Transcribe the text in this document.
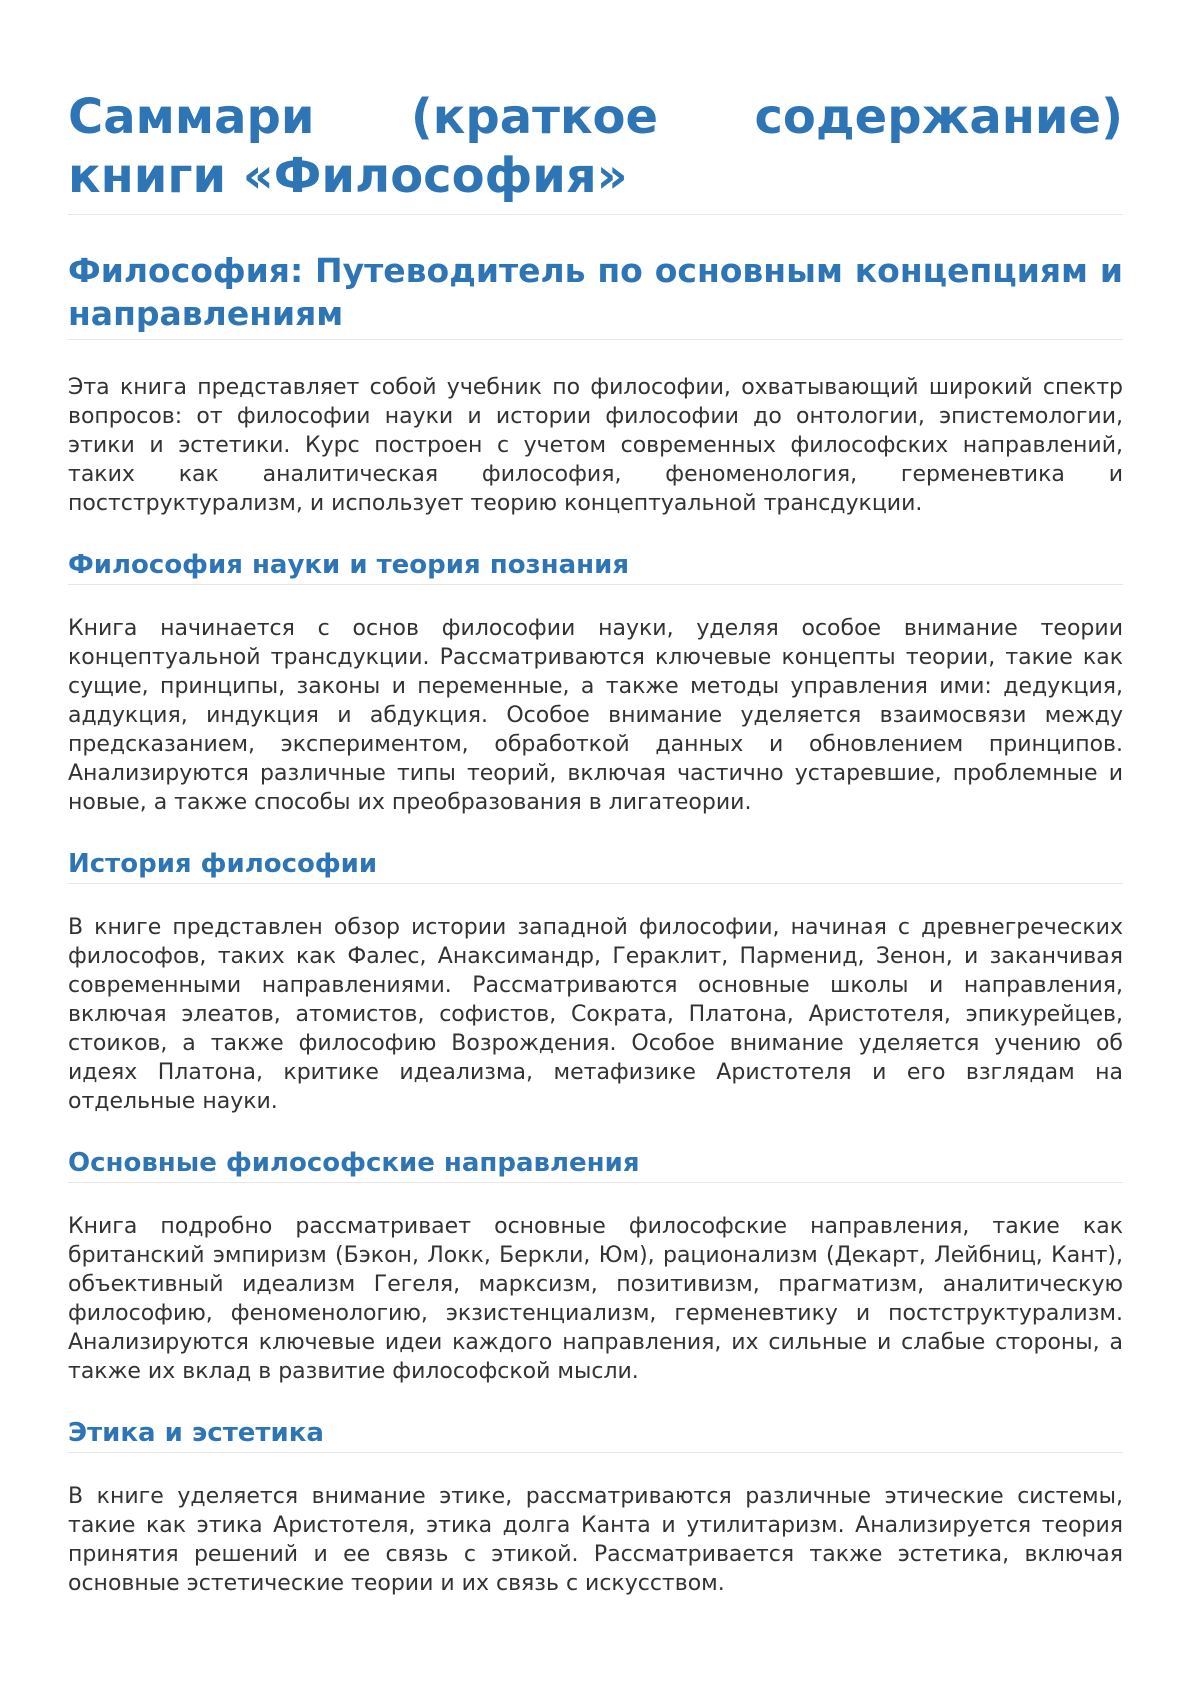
Саммари (краткое содержание) книги «Философия»
Философия: Путеводитель по основным концепциям и направлениям

Эта книга представляет собой учебник по философии, охватывающий широкий спектр вопросов: от философии науки и истории философии до онтологии, эпистемологии, этики и эстетики. Курс построен с учетом современных философских направлений, таких как аналитическая философия, феноменология, герменевтика и постструктурализм, и использует теорию концептуальной трансдукции.

Философия науки и теория познания

Книга начинается с основ философии науки, уделяя особое внимание теории концептуальной трансдукции. Рассматриваются ключевые концепты теории, такие как сущие, принципы, законы и переменные, а также методы управления ими: дедукция, аддукция, индукция и абдукция. Особое внимание уделяется взаимосвязи между предсказанием, экспериментом, обработкой данных и обновлением принципов. Анализируются различные типы теорий, включая частично устаревшие, проблемные и новые, а также способы их преобразования в лигатеории.

История философии

В книге представлен обзор истории западной философии, начиная с древнегреческих философов, таких как Фалес, Анаксимандр, Гераклит, Парменид, Зенон, и заканчивая современными направлениями. Рассматриваются основные школы и направления, включая элеатов, атомистов, софистов, Сократа, Платона, Аристотеля, эпикурейцев, стоиков, а также философию Возрождения. Особое внимание уделяется учению об идеях Платона, критике идеализма, метафизике Аристотеля и его взглядам на отдельные науки.

Основные философские направления

Книга подробно рассматривает основные философские направления, такие как британский эмпиризм (Бэкон, Локк, Беркли, Юм), рационализм (Декарт, Лейбниц, Кант), объективный идеализм Гегеля, марксизм, позитивизм, прагматизм, аналитическую философию, феноменологию, экзистенциализм, герменевтику и постструктурализм. Анализируются ключевые идеи каждого направления, их сильные и слабые стороны, а также их вклад в развитие философской мысли.

Этика и эстетика

В книге уделяется внимание этике, рассматриваются различные этические системы, такие как этика Аристотеля, этика долга Канта и утилитаризм. Анализируется теория принятия решений и ее связь с этикой. Рассматривается также эстетика, включая основные эстетические теории и их связь с искусством.
